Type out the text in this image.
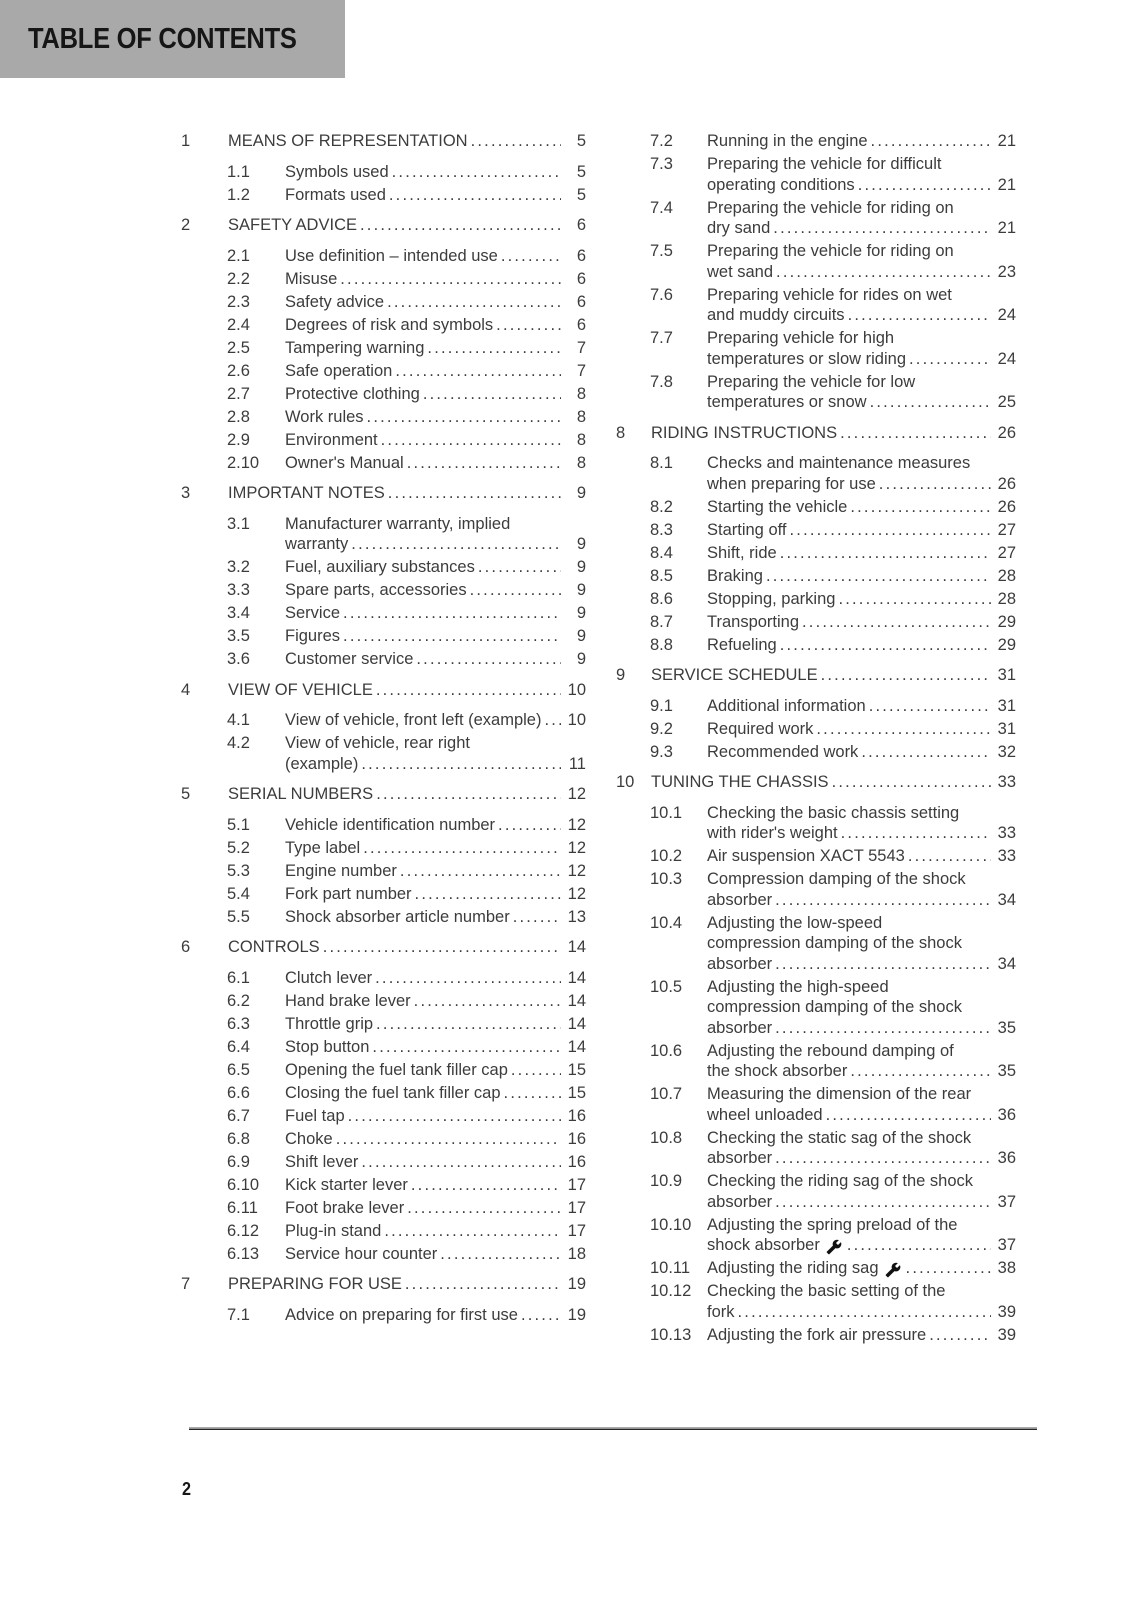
TABLE OF CONTENTS
1	MEANS OF REPRESENTATION .....	5
1.1	Symbols used .....	5
1.2	Formats used .....	5
2	SAFETY ADVICE .....	6
2.1	Use definition – intended use .....	6
2.2	Misuse .....	6
2.3	Safety advice .....	6
2.4	Degrees of risk and symbols .....	6
2.5	Tampering warning .....	7
2.6	Safe operation .....	7
2.7	Protective clothing .....	8
2.8	Work rules .....	8
2.9	Environment .....	8
2.10	Owner's Manual .....	8
3	IMPORTANT NOTES .....	9
3.1	Manufacturer warranty, implied
warranty .....	9
3.2	Fuel, auxiliary substances .....	9
3.3	Spare parts, accessories .....	9
3.4	Service .....	9
3.5	Figures .....	9
3.6	Customer service .....	9
4	VIEW OF VEHICLE .....	10
4.1	View of vehicle, front left (example) ..... 10
4.2	View of vehicle, rear right
(example) .....	11
5	SERIAL NUMBERS .....	12
5.1	Vehicle identification number .....	12
5.2	Type label .....	12
5.3	Engine number .....	12
5.4	Fork part number .....	12
5.5	Shock absorber article number .....	13
6	CONTROLS .....	14
6.1	Clutch lever .....	14
6.2	Hand brake lever .....	14
6.3	Throttle grip .....	14
6.4	Stop button .....	14
6.5	Opening the fuel tank filler cap .....	15
6.6	Closing the fuel tank filler cap .....	15
6.7	Fuel tap .....	16
6.8	Choke .....	16
6.9	Shift lever .....	16
6.10	Kick starter lever .....	17
6.11	Foot brake lever .....	17
6.12	Plug-in stand .....	17
6.13	Service hour counter .....	18
7	PREPARING FOR USE .....	19
7.1	Advice on preparing for first use .....	19
7.2	Running in the engine .....	21
7.3	Preparing the vehicle for difficult
operating conditions .....	21
7.4	Preparing the vehicle for riding on
dry sand .....	21
7.5	Preparing the vehicle for riding on
wet sand .....	23
7.6	Preparing vehicle for rides on wet
and muddy circuits .....	24
7.7	Preparing vehicle for high
temperatures or slow riding .....	24
7.8	Preparing the vehicle for low
temperatures or snow .....	25
8	RIDING INSTRUCTIONS .....	26
8.1	Checks and maintenance measures
when preparing for use .....	26
8.2	Starting the vehicle .....	26
8.3	Starting off .....	27
8.4	Shift, ride .....	27
8.5	Braking .....	28
8.6	Stopping, parking .....	28
8.7	Transporting .....	29
8.8	Refueling .....	29
9	SERVICE SCHEDULE .....	31
9.1	Additional information .....	31
9.2	Required work .....	31
9.3	Recommended work .....	32
10	TUNING THE CHASSIS .....	33
10.1	Checking the basic chassis setting
with rider's weight .....	33
10.2	Air suspension XACT 5543 .....	33
10.3	Compression damping of the shock
absorber .....	34
10.4	Adjusting the low-speed
compression damping of the shock
absorber .....	34
10.5	Adjusting the high-speed
compression damping of the shock
absorber .....	35
10.6	Adjusting the rebound damping of
the shock absorber .....	35
10.7	Measuring the dimension of the rear
wheel unloaded .....	36
10.8	Checking the static sag of the shock
absorber .....	36
10.9	Checking the riding sag of the shock
absorber .....	37
10.10 Adjusting the spring preload of the
shock absorber .....	37
10.11	Adjusting the riding sag .....	38
10.12 Checking the basic setting of the
fork .....	39
10.13 Adjusting the fork air pressure .....	39
2
